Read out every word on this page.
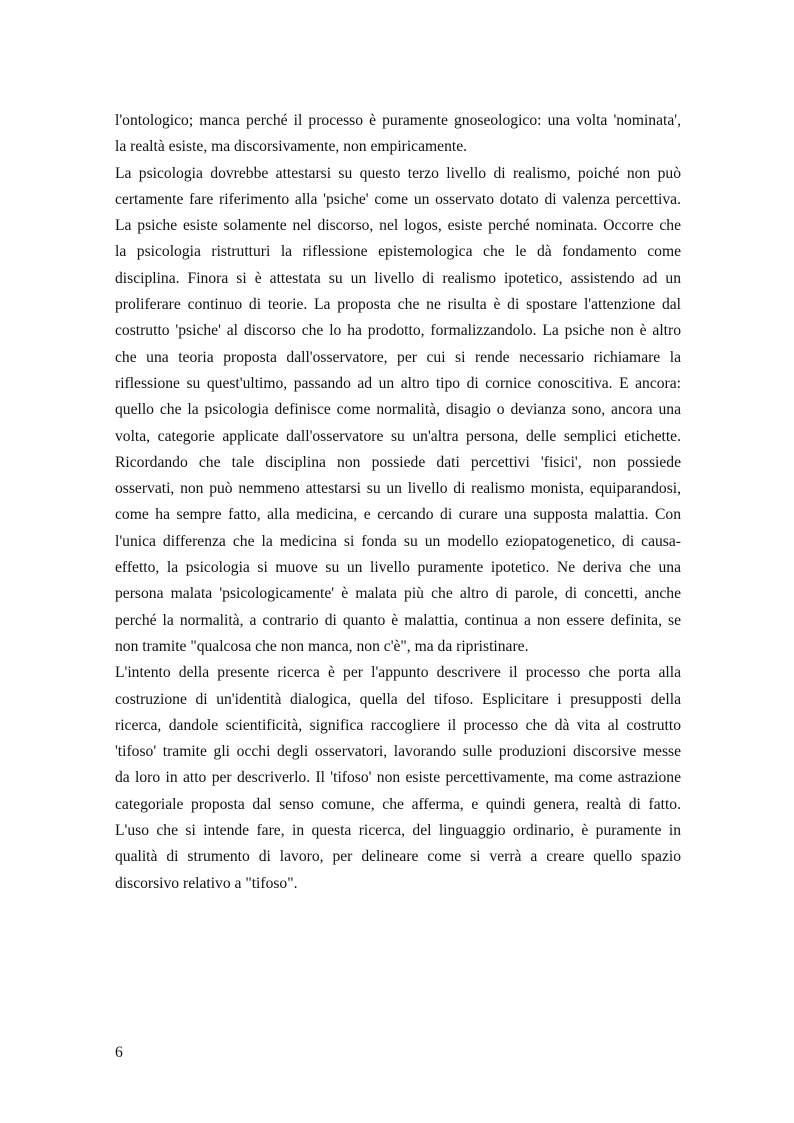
l'ontologico; manca perché il processo è puramente gnoseologico: una volta 'nominata',
la realtà esiste, ma discorsivamente, non empiricamente.
La psicologia dovrebbe attestarsi su questo terzo livello di realismo, poiché non può
certamente fare riferimento alla 'psiche' come un osservato dotato di valenza percettiva.
La psiche esiste solamente nel discorso, nel logos, esiste perché nominata. Occorre che
la psicologia ristrutturi la riflessione epistemologica che le dà fondamento come
disciplina. Finora si è attestata su un livello di realismo ipotetico, assistendo ad un
proliferare continuo di teorie. La proposta che ne risulta è di spostare l'attenzione dal
costrutto 'psiche' al discorso che lo ha prodotto, formalizzandolo. La psiche non è altro
che una teoria proposta dall'osservatore, per cui si rende necessario richiamare la
riflessione su quest'ultimo, passando ad un altro tipo di cornice conoscitiva. E ancora:
quello che la psicologia definisce come normalità, disagio o devianza sono, ancora una
volta, categorie applicate dall'osservatore su un'altra persona, delle semplici etichette.
Ricordando che tale disciplina non possiede dati percettivi 'fisici', non possiede
osservati, non può nemmeno attestarsi su un livello di realismo monista, equiparandosi,
come ha sempre fatto, alla medicina, e cercando di curare una supposta malattia. Con
l'unica differenza che la medicina si fonda su un modello eziopatogenetico, di causa-
effetto, la psicologia si muove su un livello puramente ipotetico. Ne deriva che una
persona malata 'psicologicamente' è malata più che altro di parole, di concetti, anche
perché la normalità, a contrario di quanto è malattia, continua a non essere definita, se
non tramite "qualcosa che non manca, non c'è", ma da ripristinare.
L'intento della presente ricerca è per l'appunto descrivere il processo che porta alla
costruzione di un'identità dialogica, quella del tifoso. Esplicitare i presupposti della
ricerca, dandole scientificità, significa raccogliere il processo che dà vita al costrutto
'tifoso' tramite gli occhi degli osservatori, lavorando sulle produzioni discorsive messe
da loro in atto per descriverlo. Il 'tifoso' non esiste percettivamente, ma come astrazione
categoriale proposta dal senso comune, che afferma, e quindi genera, realtà di fatto.
L'uso che si intende fare, in questa ricerca, del linguaggio ordinario, è puramente in
qualità di strumento di lavoro, per delineare come si verrà a creare quello spazio
discorsivo relativo a "tifoso".
6
